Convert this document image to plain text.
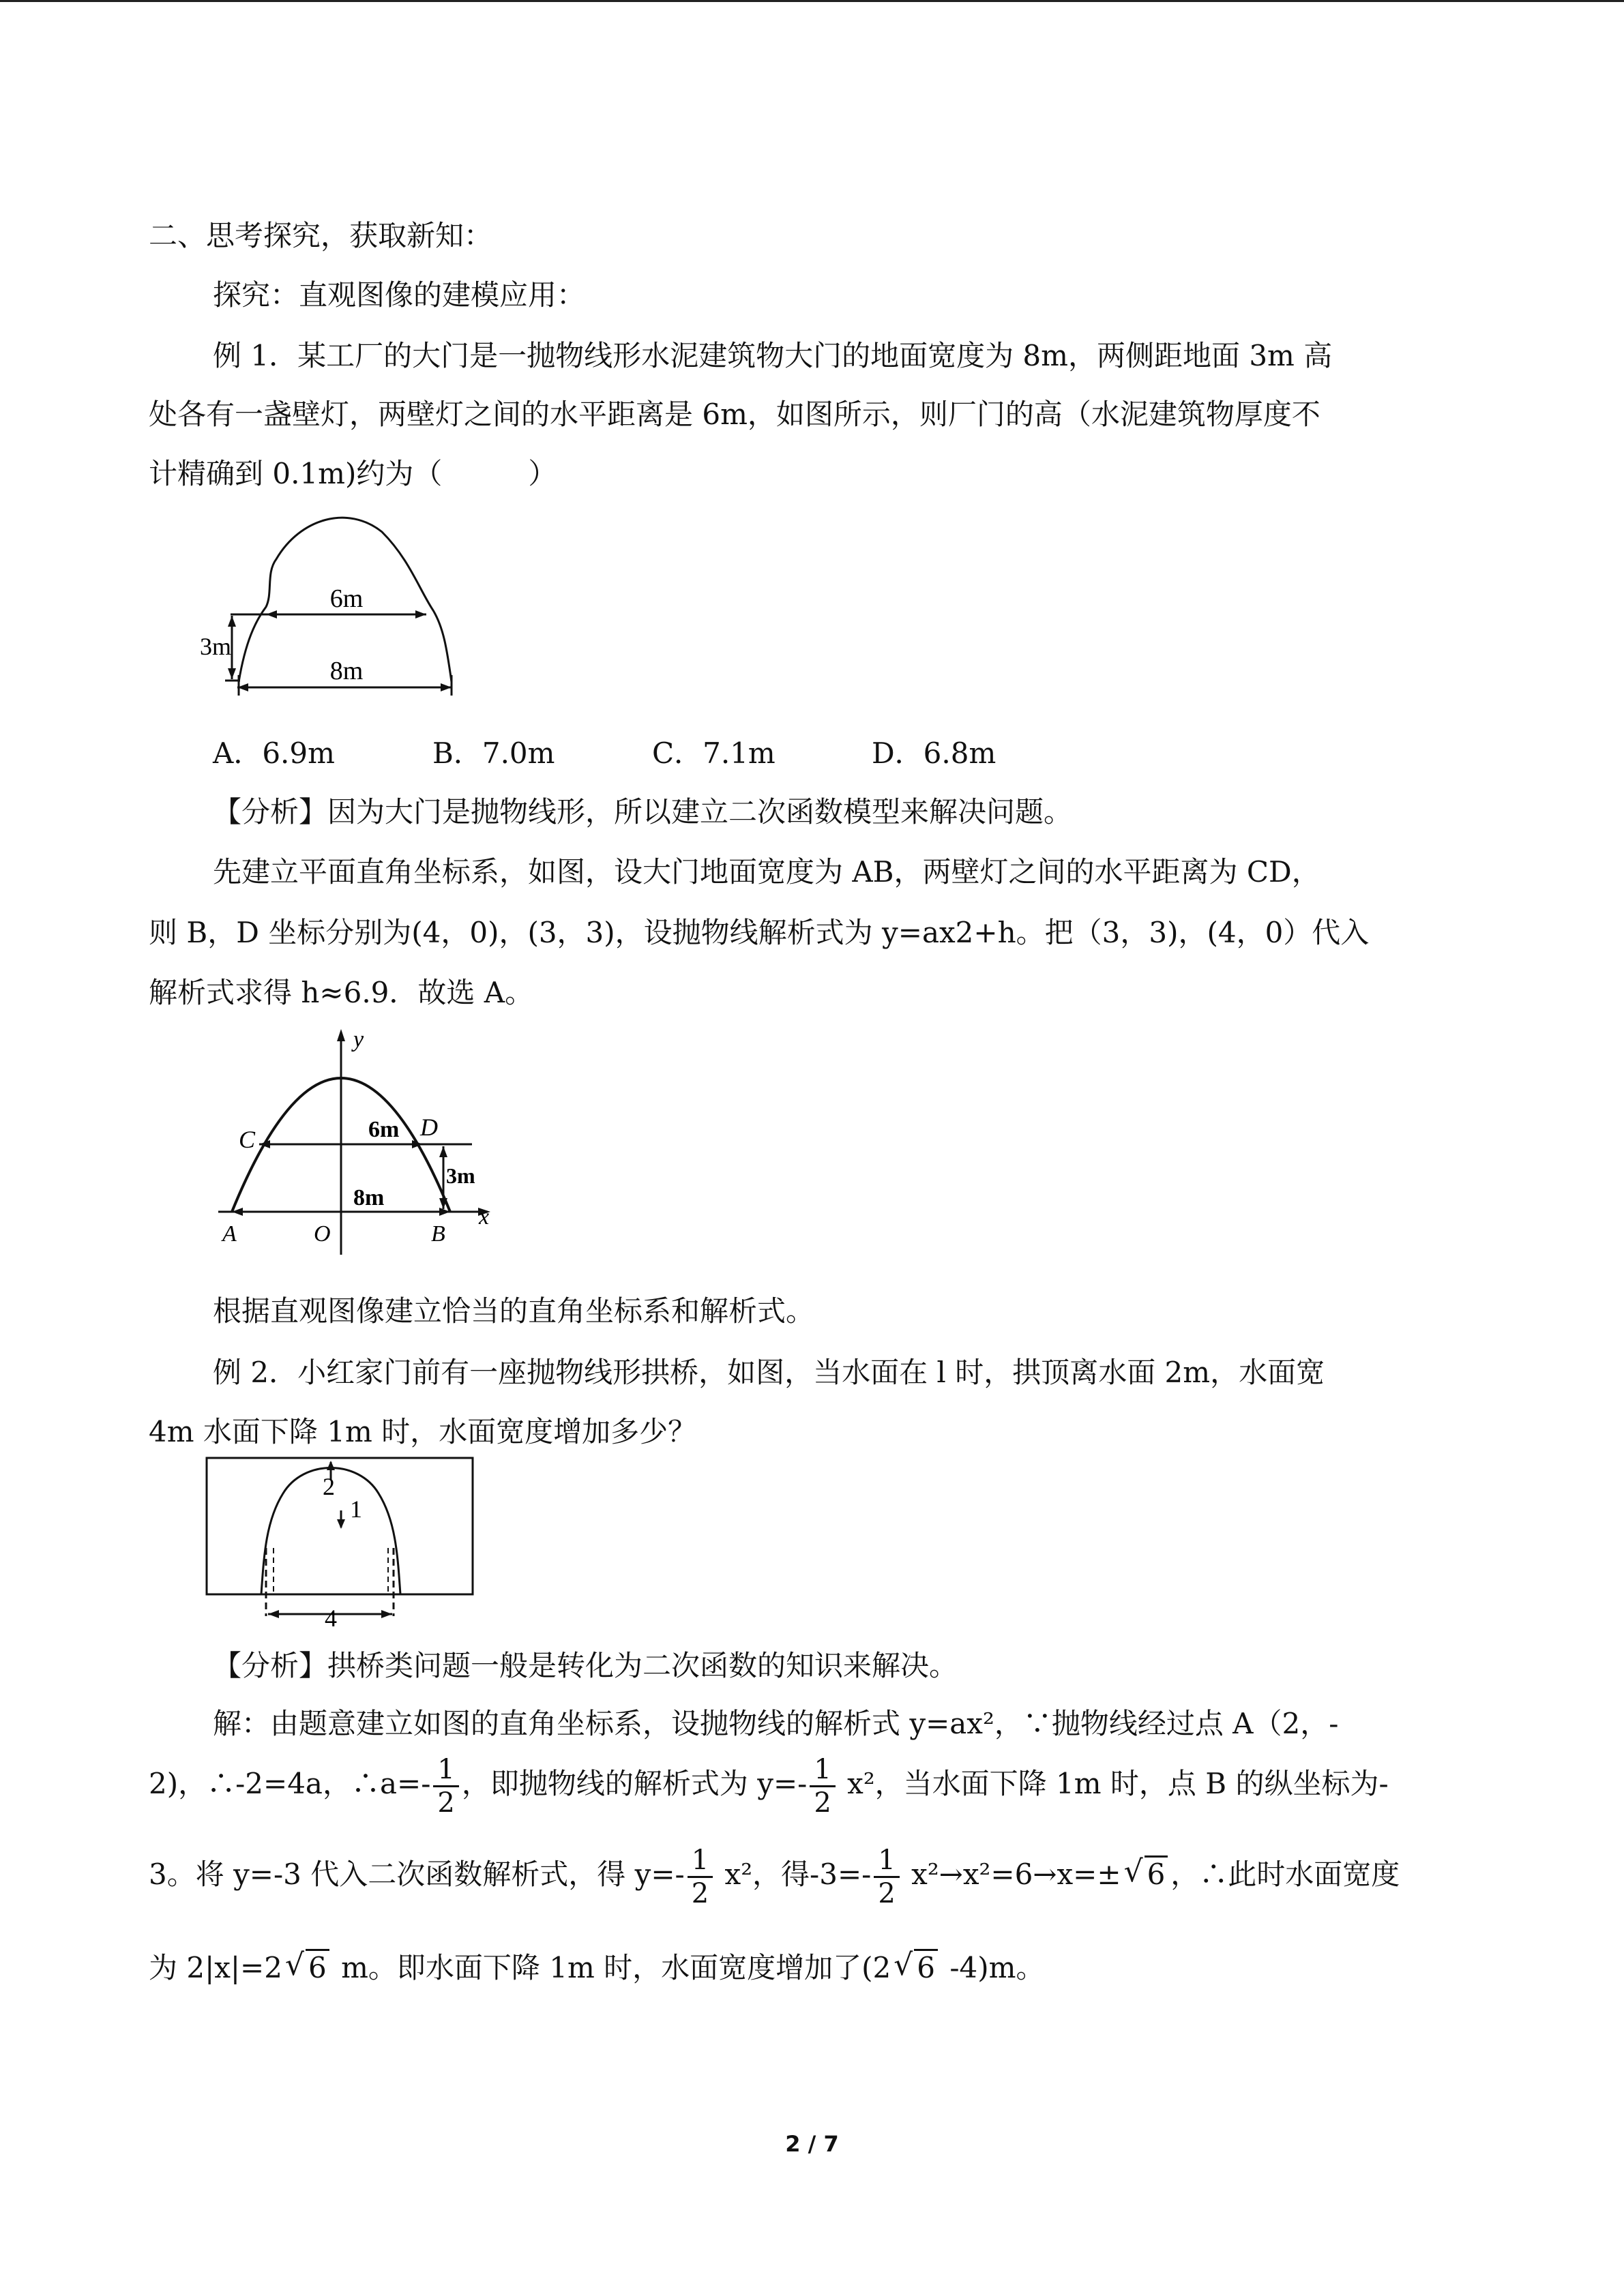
二、思考探究，获取新知：
探究：直观图像的建模应用：
例 1．某工厂的大门是一抛物线形水泥建筑物大门的地面宽度为 8m，两侧距地面 3m 高
处各有一盏壁灯，两壁灯之间的水平距离是 6m，如图所示，则厂门的高（水泥建筑物厚度不
计精确到 0.1m)约为（　　　）
6m
8m
3m
A．6.9m	B．7.0m	C．7.1m	D．6.8m
【分析】因为大门是抛物线形，所以建立二次函数模型来解决问题。
先建立平面直角坐标系，如图，设大门地面宽度为 AB，两壁灯之间的水平距离为 CD，
则 B，D 坐标分别为(4，0)，(3，3)，设抛物线解析式为 y=ax2+h。把（3，3)，(4，0）代入
解析式求得 h≈6.9．故选 A。
y
x
C	D
A	O	B
6m
8m
3m
根据直观图像建立恰当的直角坐标系和解析式。
例 2．小红家门前有一座抛物线形拱桥，如图，当水面在 l 时，拱顶离水面 2m，水面宽
4m 水面下降 1m 时，水面宽度增加多少？
2
1
4
【分析】拱桥类问题一般是转化为二次函数的知识来解决。
解：由题意建立如图的直角坐标系，设抛物线的解析式 y=ax²，∵抛物线经过点 A（2，-
2)，∴-2=4a，∴a=- $\frac{1}{2}$ ，即抛物线的解析式为 $y=- \frac{1}{2} x^2$，当水面下降 1m 时，点 B 的纵坐标为-
3。将 y=-3 代入二次函数解析式，得 $y=- \frac{1}{2} x^2$，得$-3=- \frac{1}{2} x^2\to x^2=6\to x=\pm$ √ 6 ，∴此时水面宽度
为 2|x|=2 √ 6 m。即水面下降 1m 时，水面宽度增加了(2 √ 6 -4)m。
2 / 7
